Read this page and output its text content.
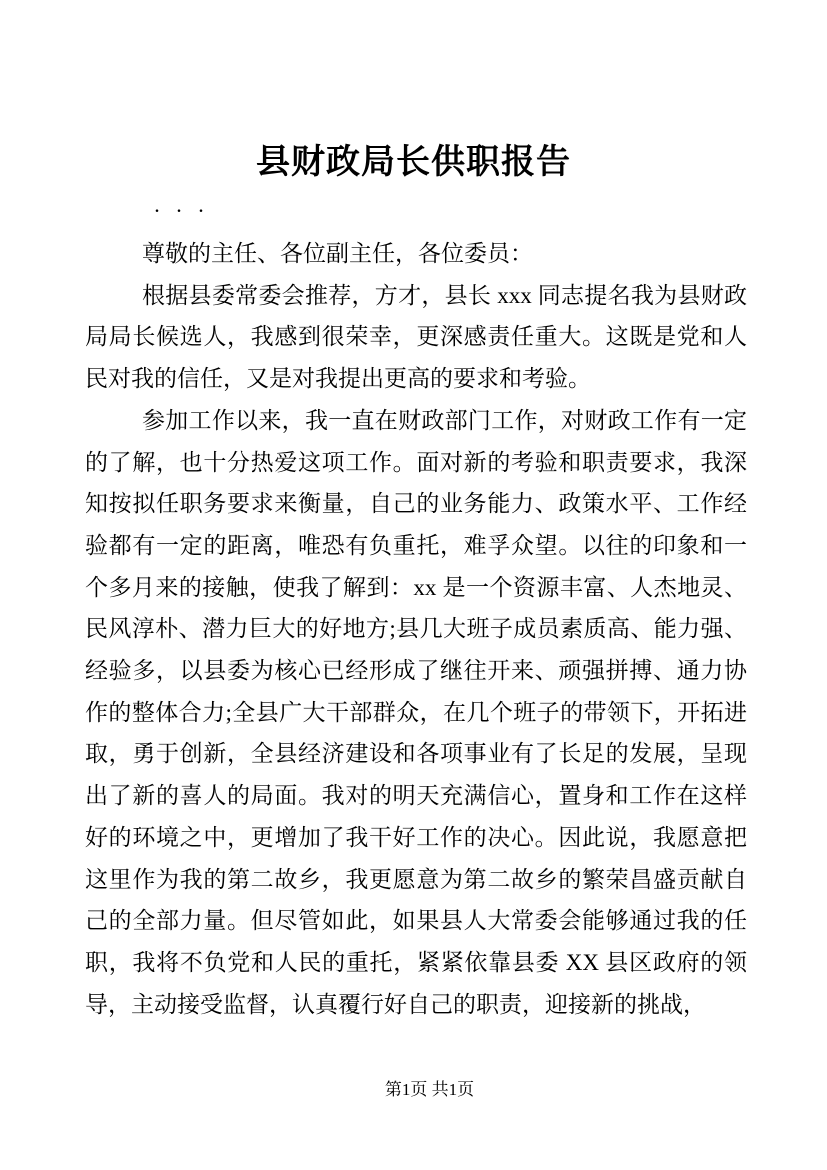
县财政局长供职报告
. . .

尊敬的主任、各位副主任，各位委员：

根据县委常委会推荐，方才，县长 xxx 同志提名我为县财政局局长候选人，我感到很荣幸，更深感责任重大。这既是党和人民对我的信任，又是对我提出更高的要求和考验。

参加工作以来，我一直在财政部门工作，对财政工作有一定的了解，也十分热爱这项工作。面对新的考验和职责要求，我深知按拟任职务要求来衡量，自己的业务能力、政策水平、工作经验都有一定的距离，唯恐有负重托，难孚众望。以往的印象和一个多月来的接触，使我了解到：xx 是一个资源丰富、人杰地灵、民风淳朴、潜力巨大的好地方;县几大班子成员素质高、能力强、经验多，以县委为核心已经形成了继往开来、顽强拼搏、通力协作的整体合力;全县广大干部群众，在几个班子的带领下，开拓进取，勇于创新，全县经济建设和各项事业有了长足的发展，呈现出了新的喜人的局面。我对的明天充满信心，置身和工作在这样好的环境之中，更增加了我干好工作的决心。因此说，我愿意把这里作为我的第二故乡，我更愿意为第二故乡的繁荣昌盛贡献自己的全部力量。但尽管如此，如果县人大常委会能够通过我的任职，我将不负党和人民的重托，紧紧依靠县委 XX 县区政府的领导，主动接受监督，认真覆行好自己的职责，迎接新的挑战，

第1页 共1页
